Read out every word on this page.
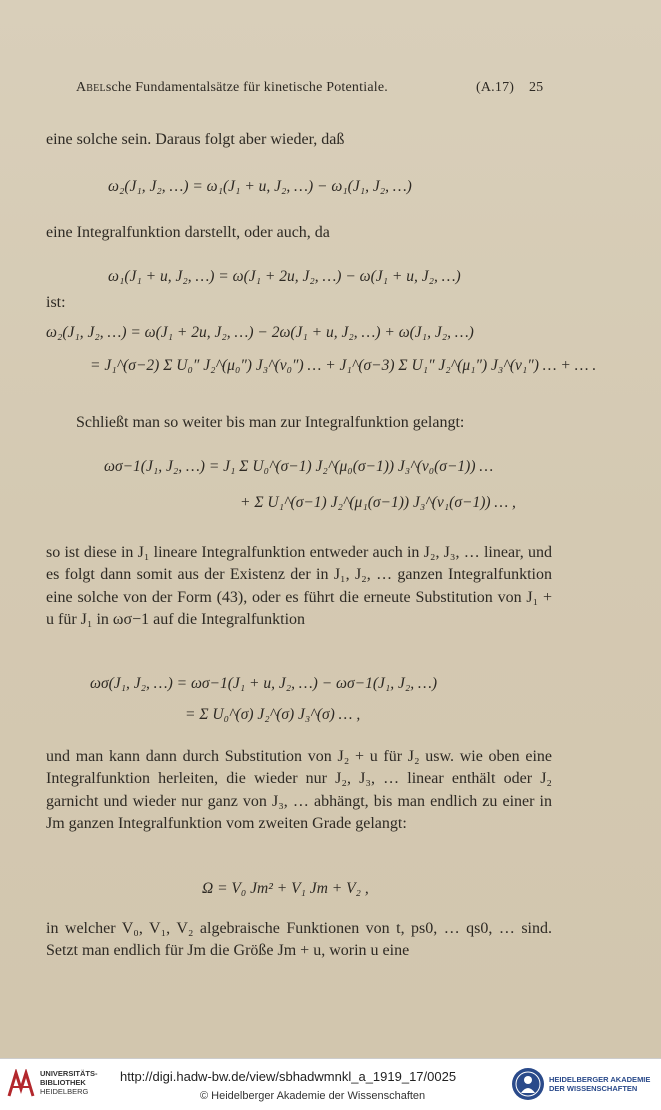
Abelsche Fundamentalsätze für kinetische Potentiale.	(A.17) 25
eine solche sein. Daraus folgt aber wieder, daß
ω₂(J₁, J₂, …) = ω₁(J₁ + u, J₂, …) − ω₁(J₁, J₂, …)
eine Integralfunktion darstellt, oder auch, da
ω₁(J₁ + u, J₂, …) = ω(J₁ + 2u, J₂, …) − ω(J₁ + u, J₂, …)
ist:
ω₂(J₁, J₂, …) = ω(J₁ + 2u, J₂, …) − 2ω(J₁ + u, J₂, …) + ω(J₁, J₂, …)
= J₁^(σ−2) Σ U₀″ J₂^(μ₀″) J₃^(ν₀″) … + J₁^(σ−3) Σ U₁″ J₂^(μ₁″) J₃^(ν₁″) … + … .
Schließt man so weiter bis man zur Integralfunktion gelangt:
ωσ−1(J₁, J₂, …) = J₁ Σ U₀^(σ−1) J₂^(μ₀(σ−1)) J₃^(ν₀(σ−1)) …
+ Σ U₁^(σ−1) J₂^(μ₁(σ−1)) J₃^(ν₁(σ−1)) … ,
so ist diese in J₁ lineare Integralfunktion entweder auch in J₂, J₃, … linear, und es folgt dann somit aus der Existenz der in J₁, J₂, … ganzen Integralfunktion eine solche von der Form (43), oder es führt die erneute Substitution von J₁ + u für J₁ in ωσ−1 auf die Integralfunktion
ωσ(J₁, J₂, …) = ωσ−1(J₁ + u, J₂, …) − ωσ−1(J₁, J₂, …)
= Σ U₀^(σ) J₂^(σ) J₃^(σ) … ,
und man kann dann durch Substitution von J₂ + u für J₂ usw. wie oben eine Integralfunktion herleiten, die wieder nur J₂, J₃, … linear enthält oder J₂ garnicht und wieder nur ganz von J₃, … abhängt, bis man endlich zu einer in Jm ganzen Integralfunktion vom zweiten Grade gelangt:
Ω = V₀ Jm² + V₁ Jm + V₂ ,
in welcher V₀, V₁, V₂ algebraische Funktionen von t, ps0, … qs0, … sind. Setzt man endlich für Jm die Größe Jm + u, worin u eine
UNIVERSITÄTS-
BIBLIOTHEK
HEIDELBERG
http://digi.hadw-bw.de/view/sbhadwmnkl_a_1919_17/0025
© Heidelberger Akademie der Wissenschaften
HEIDELBERGER AKADEMIE
DER WISSENSCHAFTEN
